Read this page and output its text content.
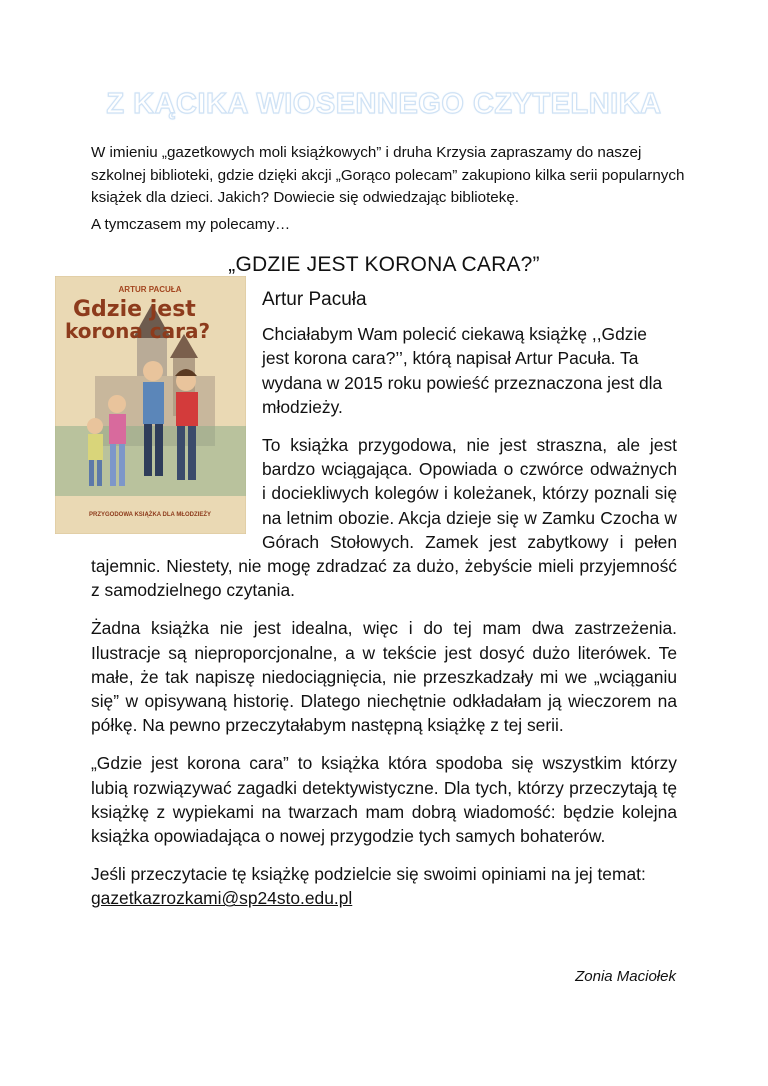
Z KĄCIKA WIOSENNEGO CZYTELNIKA
W imieniu „gazetkowych moli książkowych” i druha Krzysia zapraszamy do naszej szkolnej biblioteki, gdzie dzięki akcji „Gorąco polecam” zakupiono kilka serii popularnych książek dla dzieci. Jakich? Dowiecie się odwiedzając bibliotekę.
A tymczasem my polecamy…
„GDZIE JEST KORONA CARA?”
ARTUR PACUŁA
Gdzie jest
korona cara?
PRZYGODOWA KSIĄŻKA DLA MŁODZIEŻY
Artur Pacuła

Chciałabym Wam polecić ciekawą książkę ,,Gdzie jest korona cara?’’, którą napisał Artur Pacuła. Ta wydana w 2015 roku powieść przeznaczona jest dla młodzieży.

To książka przygodowa, nie jest straszna, ale jest bardzo wciągająca. Opowiada o czwórce odważnych i dociekliwych kolegów i koleżanek, którzy poznali się na letnim obozie. Akcja dzieje się w Zamku Czocha w Górach Stołowych. Zamek jest zabytkowy i pełen tajemnic. Niestety, nie mogę zdradzać za dużo, żebyście mieli przyjemność z samodzielnego czytania.

Żadna książka nie jest idealna, więc i do tej mam dwa zastrzeżenia. Ilustracje są nieproporcjonalne, a w tekście jest dosyć dużo literówek. Te małe, że tak napiszę niedociągnięcia, nie przeszkadzały mi we „wciąganiu się” w opisywaną historię. Dlatego niechętnie odkładałam ją wieczorem na półkę. Na pewno przeczytałabym następną książkę z tej serii.

„Gdzie jest korona cara” to książka która spodoba się wszystkim którzy lubią rozwiązywać zagadki detektywistyczne. Dla tych, którzy przeczytają tę książkę z wypiekami na twarzach mam dobrą wiadomość: będzie kolejna książka opowiadająca o nowej przygodzie tych samych bohaterów.

Jeśli przeczytacie tę książkę podzielcie się swoimi opiniami na jej temat:

gazetkazrozkami@sp24sto.edu.pl
Zonia Maciołek
